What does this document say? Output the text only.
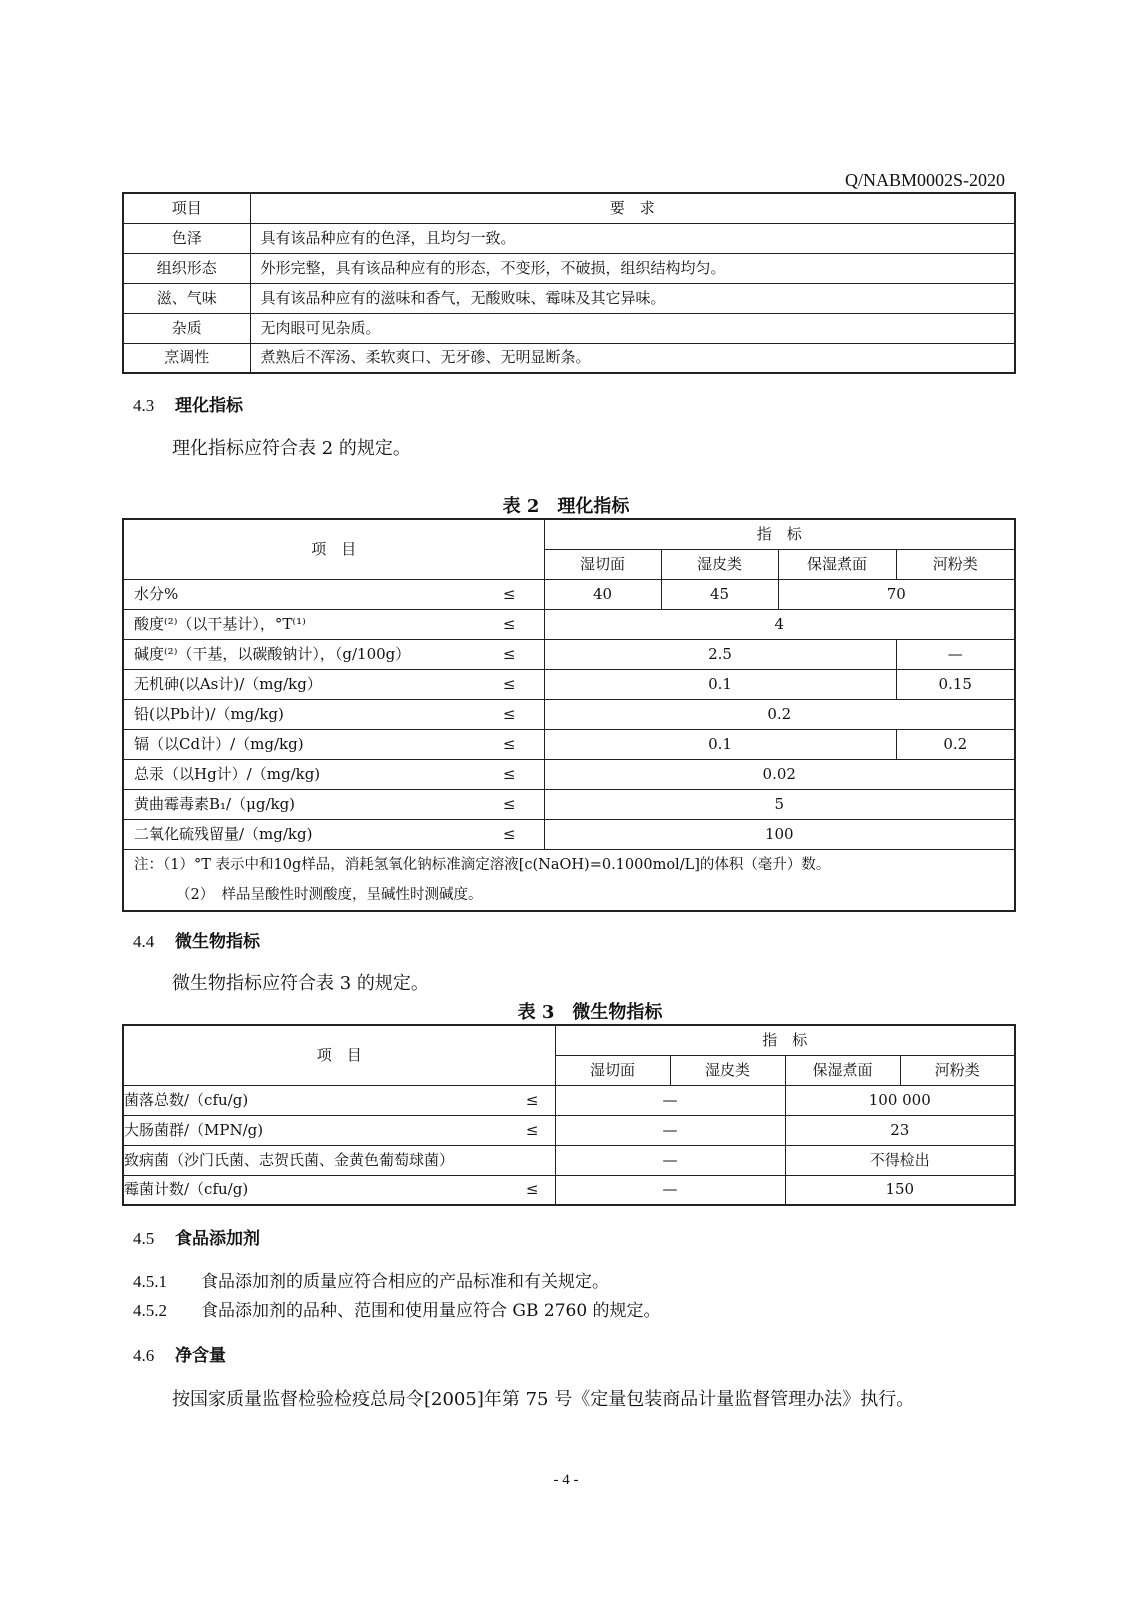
Q/NABM0002S-2020
项目	要　求
色泽	具有该品种应有的色泽，且均匀一致。
组织形态	外形完整，具有该品种应有的形态，不变形，不破损，组织结构均匀。
滋、气味	具有该品种应有的滋味和香气，无酸败味、霉味及其它异味。
杂质	无肉眼可见杂质。
烹调性	煮熟后不浑汤、柔软爽口、无牙碜、无明显断条。
4.3 理化指标
理化指标应符合表 2 的规定。
表 2　理化指标
项　目	指　标			
	湿切面	湿皮类	保湿煮面	河粉类
水分% ≤	40	45	70	
酸度⁽²⁾（以干基计），°T⁽¹⁾ ≤	4			
碱度⁽²⁾（干基，以碳酸钠计），（g/100g） ≤	2.5			—
无机砷(以As计)/（mg/kg） ≤	0.1			0.15
铅(以Pb计)/（mg/kg) ≤	0.2			
镉（以Cd计）/（mg/kg) ≤	0.1			0.2
总汞（以Hg计）/（mg/kg) ≤	0.02			
黄曲霉毒素B₁/（μg/kg) ≤	5			
二氧化硫残留量/（mg/kg) ≤	100			

注：（1）°T 表示中和10g样品，消耗氢氧化钠标准滴定溶液[c(NaOH)=0.1000mol/L]的体积（毫升）数。
（2）　样品呈酸性时测酸度，呈碱性时测碱度。				
4.4 微生物指标
微生物指标应符合表 3 的规定。
表 3　微生物指标
项　目	指　标			
	湿切面	湿皮类	保湿煮面	河粉类
菌落总数/（cfu/g) ≤	—		100 000	
大肠菌群/（MPN/g) ≤	—		23	
致病菌（沙门氏菌、志贺氏菌、金黄色葡萄球菌）	—		不得检出	
霉菌计数/（cfu/g) ≤	—		150	
4.5 食品添加剂
4.5.1 食品添加剂的质量应符合相应的产品标准和有关规定。
4.5.2 食品添加剂的品种、范围和使用量应符合 GB 2760 的规定。
4.6 净含量
按国家质量监督检验检疫总局令[2005]年第 75 号《定量包装商品计量监督管理办法》执行。
- 4 -
